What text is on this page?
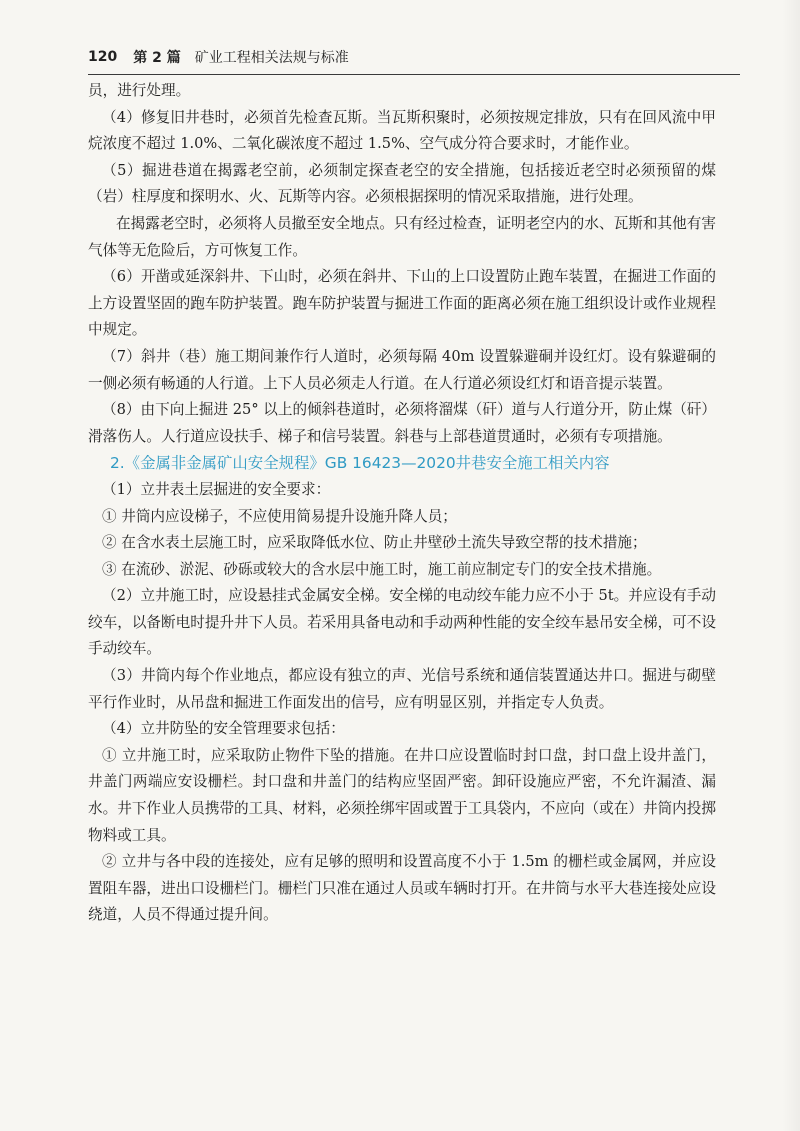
120 第 2 篇 矿业工程相关法规与标准

员，进行处理。

（4）修复旧井巷时，必须首先检查瓦斯。当瓦斯积聚时，必须按规定排放，只有在回风流中甲烷浓度不超过 1.0%、二氧化碳浓度不超过 1.5%、空气成分符合要求时，才能作业。

（5）掘进巷道在揭露老空前，必须制定探查老空的安全措施，包括接近老空时必须预留的煤（岩）柱厚度和探明水、火、瓦斯等内容。必须根据探明的情况采取措施，进行处理。

在揭露老空时，必须将人员撤至安全地点。只有经过检查，证明老空内的水、瓦斯和其他有害气体等无危险后，方可恢复工作。

（6）开凿或延深斜井、下山时，必须在斜井、下山的上口设置防止跑车装置，在掘进工作面的上方设置坚固的跑车防护装置。跑车防护装置与掘进工作面的距离必须在施工组织设计或作业规程中规定。

（7）斜井（巷）施工期间兼作行人道时，必须每隔 40m 设置躲避硐并设红灯。设有躲避硐的一侧必须有畅通的人行道。上下人员必须走人行道。在人行道必须设红灯和语音提示装置。

（8）由下向上掘进 25° 以上的倾斜巷道时，必须将溜煤（矸）道与人行道分开，防止煤（矸）滑落伤人。人行道应设扶手、梯子和信号装置。斜巷与上部巷道贯通时，必须有专项措施。

2.《金属非金属矿山安全规程》GB 16423—2020井巷安全施工相关内容

（1）立井表土层掘进的安全要求：

① 井筒内应设梯子，不应使用简易提升设施升降人员；

② 在含水表土层施工时，应采取降低水位、防止井壁砂土流失导致空帮的技术措施；

③ 在流砂、淤泥、砂砾或较大的含水层中施工时，施工前应制定专门的安全技术措施。

（2）立井施工时，应设悬挂式金属安全梯。安全梯的电动绞车能力应不小于 5t。并应设有手动绞车，以备断电时提升井下人员。若采用具备电动和手动两种性能的安全绞车悬吊安全梯，可不设手动绞车。

（3）井筒内每个作业地点，都应设有独立的声、光信号系统和通信装置通达井口。掘进与砌壁平行作业时，从吊盘和掘进工作面发出的信号，应有明显区别，并指定专人负责。

（4）立井防坠的安全管理要求包括：

① 立井施工时，应采取防止物件下坠的措施。在井口应设置临时封口盘，封口盘上设井盖门，井盖门两端应安设栅栏。封口盘和井盖门的结构应坚固严密。卸矸设施应严密，不允许漏渣、漏水。井下作业人员携带的工具、材料，必须拴绑牢固或置于工具袋内，不应向（或在）井筒内投掷物料或工具。

② 立井与各中段的连接处，应有足够的照明和设置高度不小于 1.5m 的栅栏或金属网，并应设置阻车器，进出口设栅栏门。栅栏门只准在通过人员或车辆时打开。在井筒与水平大巷连接处应设绕道，人员不得通过提升间。
